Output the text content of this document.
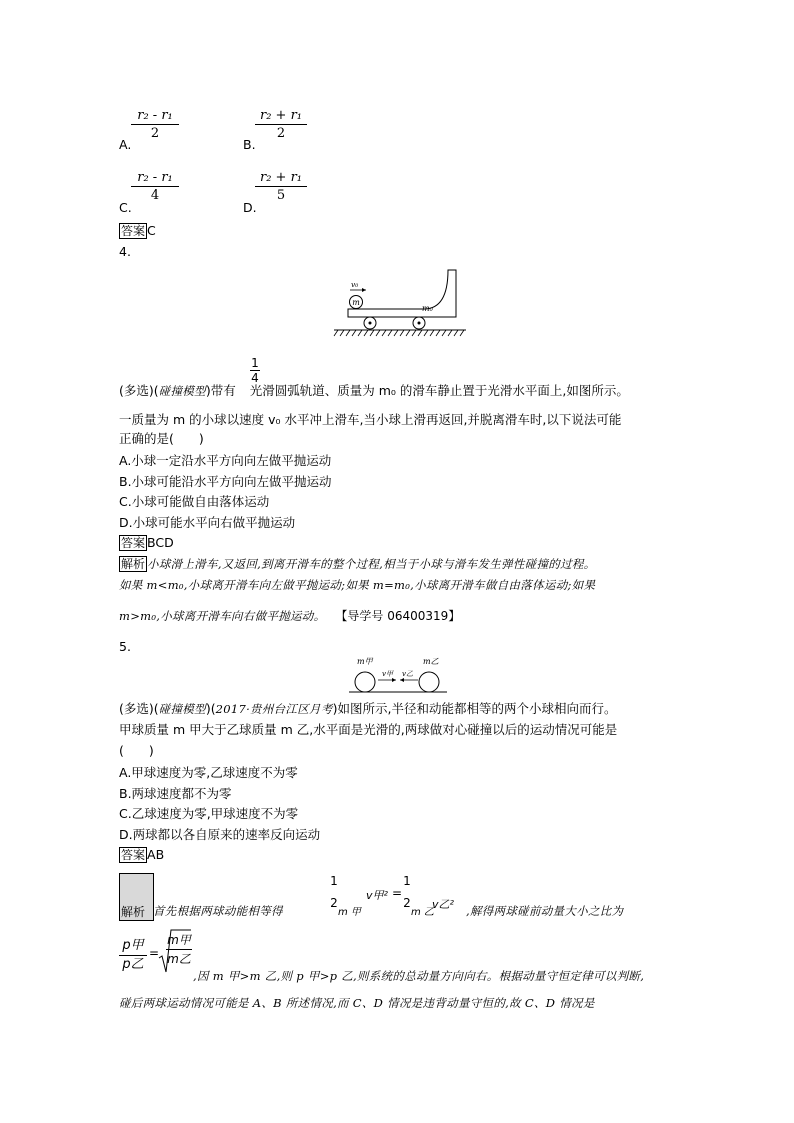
A.
$\frac{\text{r₂ - r₁}}{2}$
B.
$\frac{\text{r₂ + r₁}}{2}$
C.
$\frac{\text{r₂ - r₁}}{4}$
D.
$\frac{\text{r₂ + r₁}}{5}$
答案 C
4.
m
v₀
m₀
$\frac{1}{4}$
(多选)(碰撞模型)带有 光滑圆弧轨道、质量为 m₀ 的滑车静止置于光滑水平面上,如图所示。
一质量为 m 的小球以速度 v₀ 水平冲上滑车,当小球上滑再返回,并脱离滑车时,以下说法可能
正确的是(　　)
A.小球一定沿水平方向向左做平抛运动
B.小球可能沿水平方向向左做平抛运动
C.小球可能做自由落体运动
D.小球可能水平向右做平抛运动
答案 BCD
解析 小球滑上滑车,又返回,到离开滑车的整个过程,相当于小球与滑车发生弹性碰撞的过程。
如果 m<m₀,小球离开滑车向左做平抛运动;如果 m=m₀,小球离开滑车做自由落体运动;如果
m>m₀,小球离开滑车向右做平抛运动。 【导学号 06400319】
5.
m甲	m乙
v甲 v乙
(多选)(碰撞模型)(2017·贵州台江区月考)如图所示,半径和动能都相等的两个小球相向而行。
甲球质量 m 甲大于乙球质量 m 乙,水平面是光滑的,两球做对心碰撞以后的运动情况可能是
(　　)
A.甲球速度为零,乙球速度不为零
B.两球速度都不为零
C.乙球速度为零,甲球速度不为零
D.两球都以各自原来的速率反向运动
答案 AB
解析 首先根据两球动能相等得
1
2
m 甲
v甲² =
1
2
m 乙
v乙² ,解得两球碰前动量大小之比为
p甲
p乙
=
m甲
m乙
,因 m 甲>m 乙,则 p 甲>p 乙,则系统的总动量方向向右。根据动量守恒定律可以判断,
碰后两球运动情况可能是 A、B 所述情况,而 C、D 情况是违背动量守恒的,故 C、D 情况是
